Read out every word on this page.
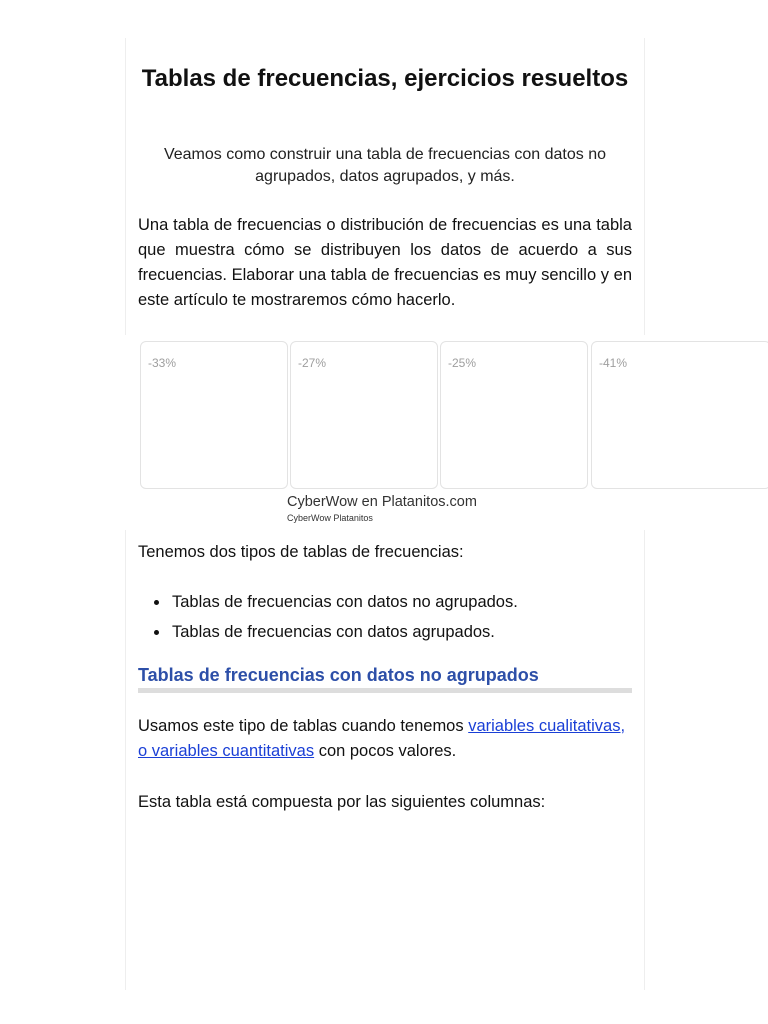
Tablas de frecuencias, ejercicios resueltos

Veamos como construir una tabla de frecuencias con datos no agrupados, datos agrupados, y más.

Una tabla de frecuencias o distribución de frecuencias es una tabla que muestra cómo se distribuyen los datos de acuerdo a sus frecuencias. Elaborar una tabla de frecuencias es muy sencillo y en este artículo te mostraremos cómo hacerlo.

-33%	-27%	-25%	-41%
CyberWow en Platanitos.com
CyberWow Platanitos

Tenemos dos tipos de tablas de frecuencias:

Tablas de frecuencias con datos no agrupados.
Tablas de frecuencias con datos agrupados.
Tablas de frecuencias con datos no agrupados

Usamos este tipo de tablas cuando tenemos variables cualitativas, o variables cuantitativas con pocos valores.

Esta tabla está compuesta por las siguientes columnas:
